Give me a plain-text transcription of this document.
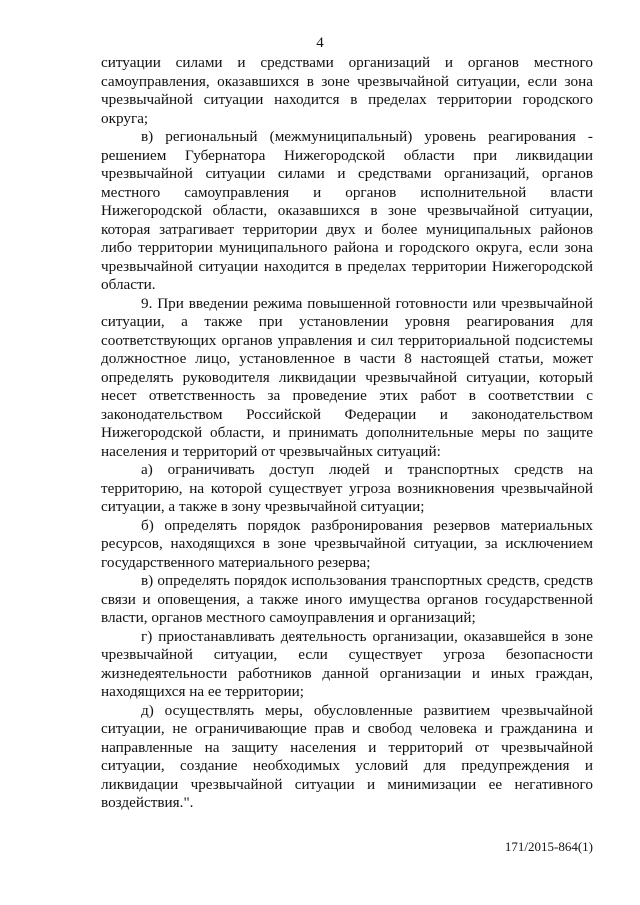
4

ситуации силами и средствами организаций и органов местного самоуправления, оказавшихся в зоне чрезвычайной ситуации, если зона чрезвычайной ситуации находится в пределах территории городского округа;

в) региональный (межмуниципальный) уровень реагирования - решением Губернатора Нижегородской области при ликвидации чрезвычайной ситуации силами и средствами организаций, органов местного самоуправления и органов исполнительной власти Нижегородской области, оказавшихся в зоне чрезвычайной ситуации, которая затрагивает территории двух и более муниципальных районов либо территории муниципального района и городского округа, если зона чрезвычайной ситуации находится в пределах территории Нижегородской области.

9. При введении режима повышенной готовности или чрезвычайной ситуации, а также при установлении уровня реагирования для соответствующих органов управления и сил территориальной подсистемы должностное лицо, установленное в части 8 настоящей статьи, может определять руководителя ликвидации чрезвычайной ситуации, который несет ответственность за проведение этих работ в соответствии с законодательством Российской Федерации и законодательством Нижегородской области, и принимать дополнительные меры по защите населения и территорий от чрезвычайных ситуаций:

а) ограничивать доступ людей и транспортных средств на территорию, на которой существует угроза возникновения чрезвычайной ситуации, а также в зону чрезвычайной ситуации;

б) определять порядок разбронирования резервов материальных ресурсов, находящихся в зоне чрезвычайной ситуации, за исключением государственного материального резерва;

в) определять порядок использования транспортных средств, средств связи и оповещения, а также иного имущества органов государственной власти, органов местного самоуправления и организаций;

г) приостанавливать деятельность организации, оказавшейся в зоне чрезвычайной ситуации, если существует угроза безопасности жизнедеятельности работников данной организации и иных граждан, находящихся на ее территории;

д) осуществлять меры, обусловленные развитием чрезвычайной ситуации, не ограничивающие прав и свобод человека и гражданина и направленные на защиту населения и территорий от чрезвычайной ситуации, создание необходимых условий для предупреждения и ликвидации чрезвычайной ситуации и минимизации ее негативного воздействия.".

171/2015-864(1)
